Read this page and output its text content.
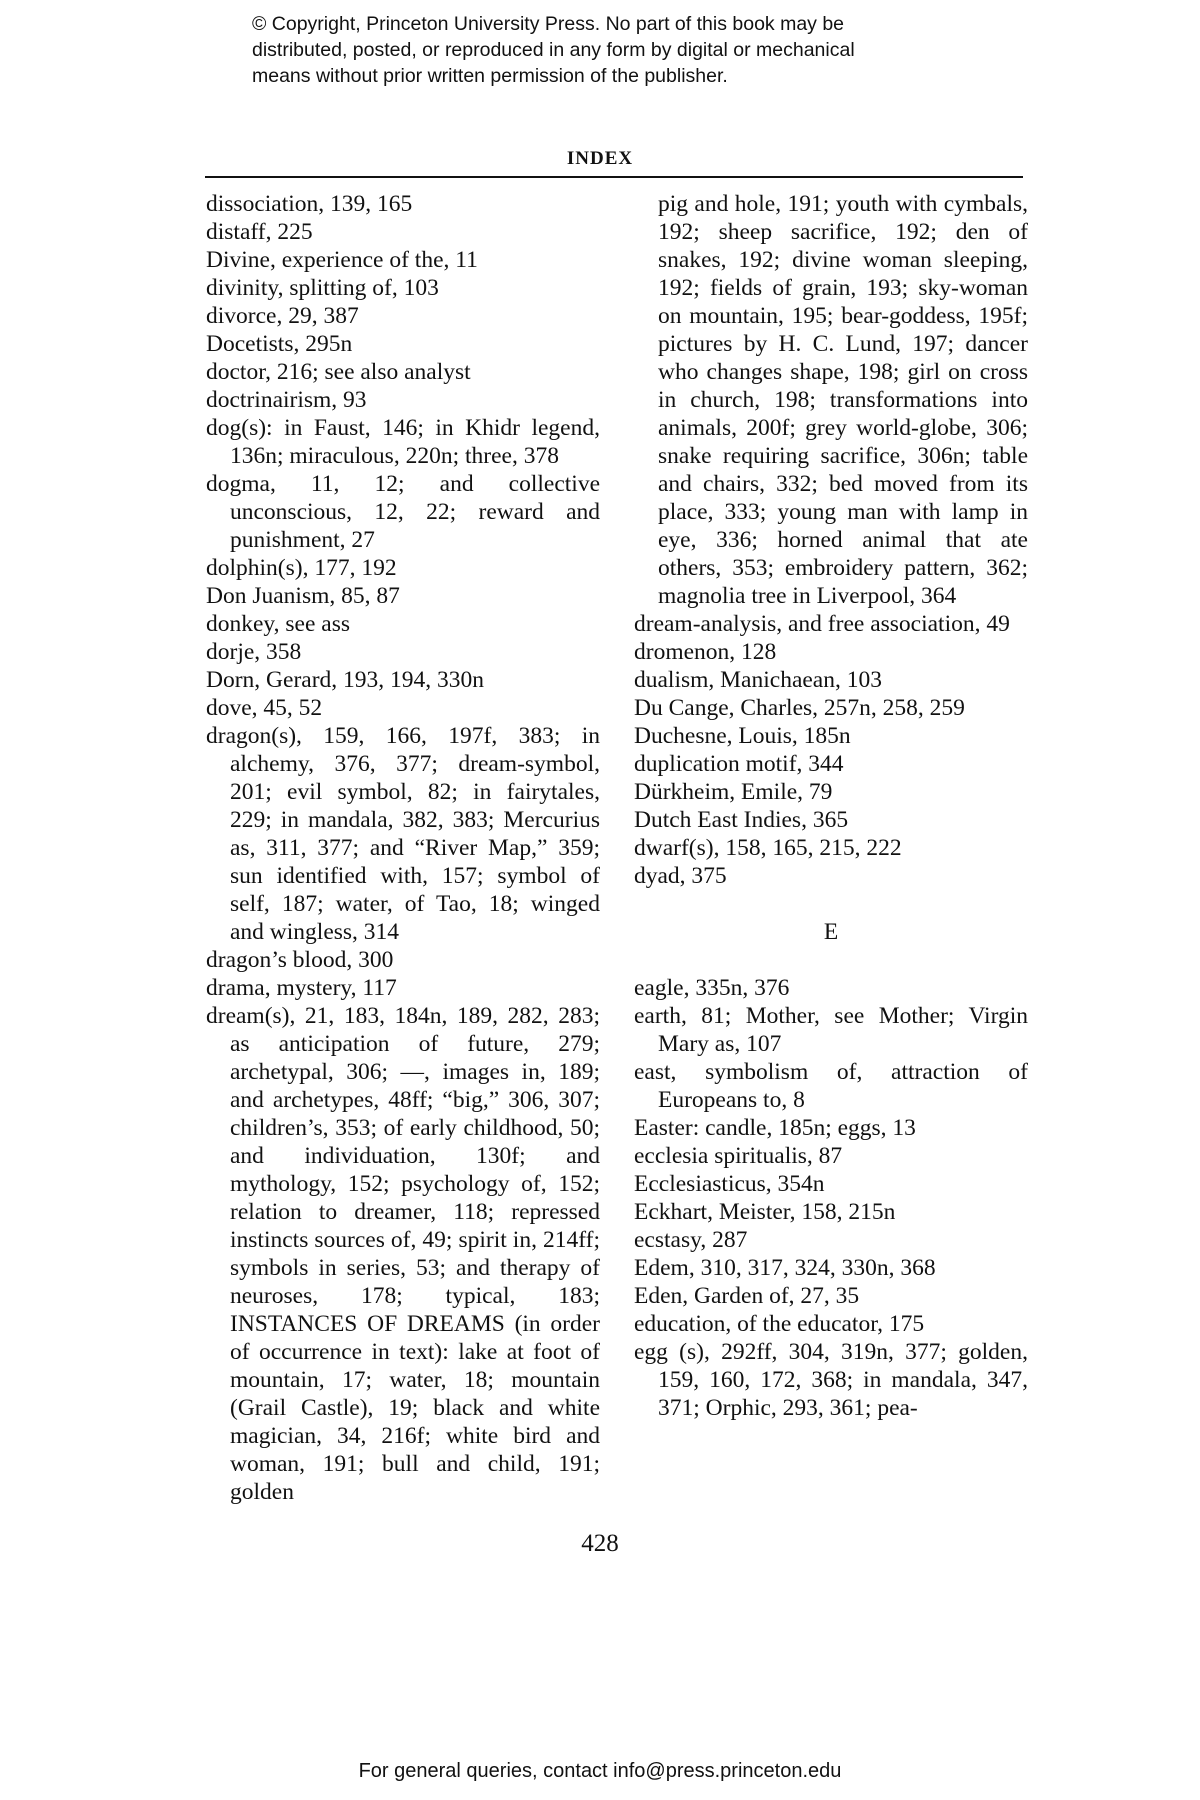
© Copyright, Princeton University Press. No part of this book may be
distributed, posted, or reproduced in any form by digital or mechanical
means without prior written permission of the publisher.
INDEX
dissociation, 139, 165
distaff, 225
Divine, experience of the, 11
divinity, splitting of, 103
divorce, 29, 387
Docetists, 295n
doctor, 216; see also analyst
doctrinairism, 93
dog(s): in Faust, 146; in Khidr legend, 136n; miraculous, 220n; three, 378
dogma, 11, 12; and collective unconscious, 12, 22; reward and punishment, 27
dolphin(s), 177, 192
Don Juanism, 85, 87
donkey, see ass
dorje, 358
Dorn, Gerard, 193, 194, 330n
dove, 45, 52
dragon(s), 159, 166, 197f, 383; in alchemy, 376, 377; dream-symbol, 201; evil symbol, 82; in fairytales, 229; in mandala, 382, 383; Mercurius as, 311, 377; and “River Map,” 359; sun identified with, 157; symbol of self, 187; water, of Tao, 18; winged and wingless, 314
dragon’s blood, 300
drama, mystery, 117
dream(s), 21, 183, 184n, 189, 282, 283; as anticipation of future, 279; archetypal, 306; —, images in, 189; and archetypes, 48ff; “big,” 306, 307; children’s, 353; of early childhood, 50; and individuation, 130f; and mythology, 152; psychology of, 152; relation to dreamer, 118; repressed instincts sources of, 49; spirit in, 214ff; symbols in series, 53; and therapy of neuroses, 178; typical, 183; INSTANCES OF DREAMS (in order of occurrence in text): lake at foot of mountain, 17; water, 18; mountain (Grail Castle), 19; black and white magician, 34, 216f; white bird and woman, 191; bull and child, 191; golden
pig and hole, 191; youth with cymbals, 192; sheep sacrifice, 192; den of snakes, 192; divine woman sleeping, 192; fields of grain, 193; sky-woman on mountain, 195; bear-goddess, 195f; pictures by H. C. Lund, 197; dancer who changes shape, 198; girl on cross in church, 198; transformations into animals, 200f; grey world-globe, 306; snake requiring sacrifice, 306n; table and chairs, 332; bed moved from its place, 333; young man with lamp in eye, 336; horned animal that ate others, 353; embroidery pattern, 362; magnolia tree in Liverpool, 364
dream-analysis, and free association, 49
dromenon, 128
dualism, Manichaean, 103
Du Cange, Charles, 257n, 258, 259
Duchesne, Louis, 185n
duplication motif, 344
Dürkheim, Emile, 79
Dutch East Indies, 365
dwarf(s), 158, 165, 215, 222
dyad, 375
E
eagle, 335n, 376
earth, 81; Mother, see Mother; Virgin Mary as, 107
east, symbolism of, attraction of Europeans to, 8
Easter: candle, 185n; eggs, 13
ecclesia spiritualis, 87
Ecclesiasticus, 354n
Eckhart, Meister, 158, 215n
ecstasy, 287
Edem, 310, 317, 324, 330n, 368
Eden, Garden of, 27, 35
education, of the educator, 175
egg (s), 292ff, 304, 319n, 377; golden, 159, 160, 172, 368; in mandala, 347, 371; Orphic, 293, 361; pea-
428
For general queries, contact info@press.princeton.edu
